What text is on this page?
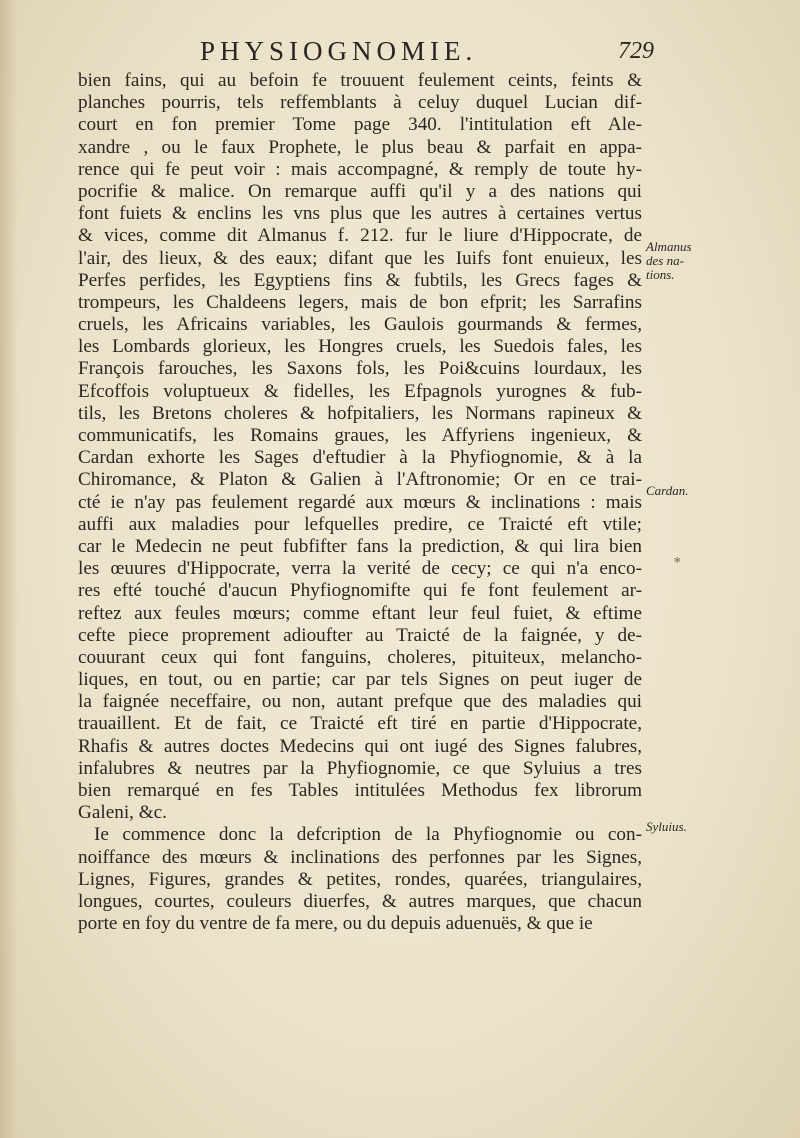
PHYSIOGNOMIE.	729
bien fains, qui au befoin fe trouuent feulement ceints, feints &
planches pourris, tels reffemblants à celuy duquel Lucian dif-
court en fon premier Tome page 340. l'intitulation eft Ale-
xandre , ou le faux Prophete, le plus beau & parfait en appa-
rence qui fe peut voir : mais accompagné, & remply de toute hy-
pocrifie & malice. On remarque auffi qu'il y a des nations qui
font fuiets & enclins les vns plus que les autres à certaines vertus
& vices, comme dit Almanus f. 212. fur le liure d'Hippocrate, de
l'air, des lieux, & des eaux; difant que les Iuifs font enuieux, les
Perfes perfides, les Egyptiens fins & fubtils, les Grecs fages &
trompeurs, les Chaldeens legers, mais de bon efprit; les Sarrafins
cruels, les Africains variables, les Gaulois gourmands & fermes,
les Lombards glorieux, les Hongres cruels, les Suedois fales, les
François farouches, les Saxons fols, les Poi&cuins lourdaux, les
Efcoffois voluptueux & fidelles, les Efpagnols yurognes & fub-
tils, les Bretons choleres & hofpitaliers, les Normans rapineux &
communicatifs, les Romains graues, les Affyriens ingenieux, &
Cardan exhorte les Sages d'eftudier à la Phyfiognomie, & à la
Chiromance, & Platon & Galien à l'Aftronomie; Or en ce trai-
cté ie n'ay pas feulement regardé aux mœurs & inclinations : mais
auffi aux maladies pour lefquelles predire, ce Traicté eft vtile;
car le Medecin ne peut fubfifter fans la prediction, & qui lira bien
les œuures d'Hippocrate, verra la verité de cecy; ce qui n'a enco-
res efté touché d'aucun Phyfiognomifte qui fe font feulement ar-
reftez aux feules mœurs; comme eftant leur feul fuiet, & eftime
cefte piece proprement adioufter au Traicté de la faignée, y de-
couurant ceux qui font fanguins, choleres, pituiteux, melancho-
liques, en tout, ou en partie; car par tels Signes on peut iuger de
la faignée neceffaire, ou non, autant prefque que des maladies qui
trauaillent. Et de fait, ce Traicté eft tiré en partie d'Hippocrate,
Rhafis & autres doctes Medecins qui ont iugé des Signes falubres,
infalubres & neutres par la Phyfiognomie, ce que Syluius a tres
bien remarqué en fes Tables intitulées Methodus fex librorum
Galeni, &c.
Ie commence donc la defcription de la Phyfiognomie ou con-
noiffance des mœurs & inclinations des perfonnes par les Signes,
Lignes, Figures, grandes & petites, rondes, quarées, triangulaires,
longues, courtes, couleurs diuerfes, & autres marques, que chacun
porte en foy du ventre de fa mere, ou du depuis aduenuës, & que ie
Almanus
des na-
tions.
Cardan.
Syluius.
*
